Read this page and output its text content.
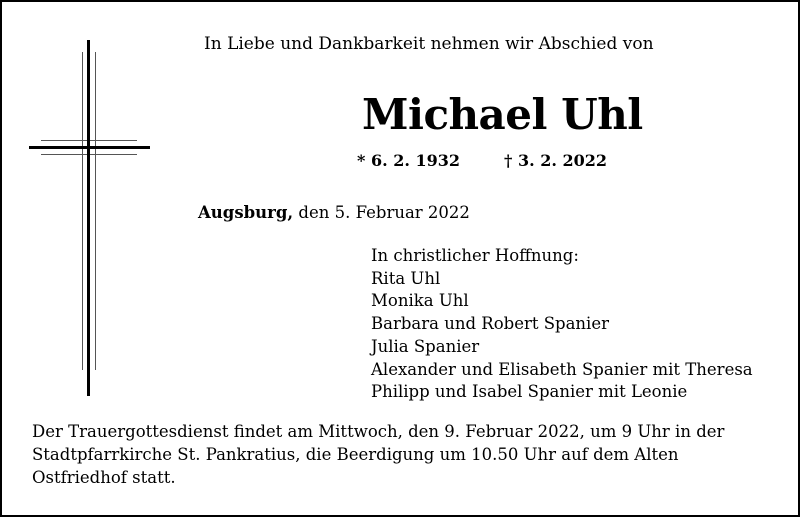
In Liebe und Dankbarkeit nehmen wir Abschied von
Michael Uhl
* 6. 2. 1932	† 3. 2. 2022
Augsburg, den 5. Februar 2022
In christlicher Hoffnung:
Rita Uhl
Monika Uhl
Barbara und Robert Spanier
Julia Spanier
Alexander und Elisabeth Spanier mit Theresa
Philipp und Isabel Spanier mit Leonie
Der Trauergottesdienst findet am Mittwoch, den 9. Februar 2022, um 9 Uhr in der
Stadtpfarrkirche St. Pankratius, die Beerdigung um 10.50 Uhr auf dem Alten
Ostfriedhof statt.
